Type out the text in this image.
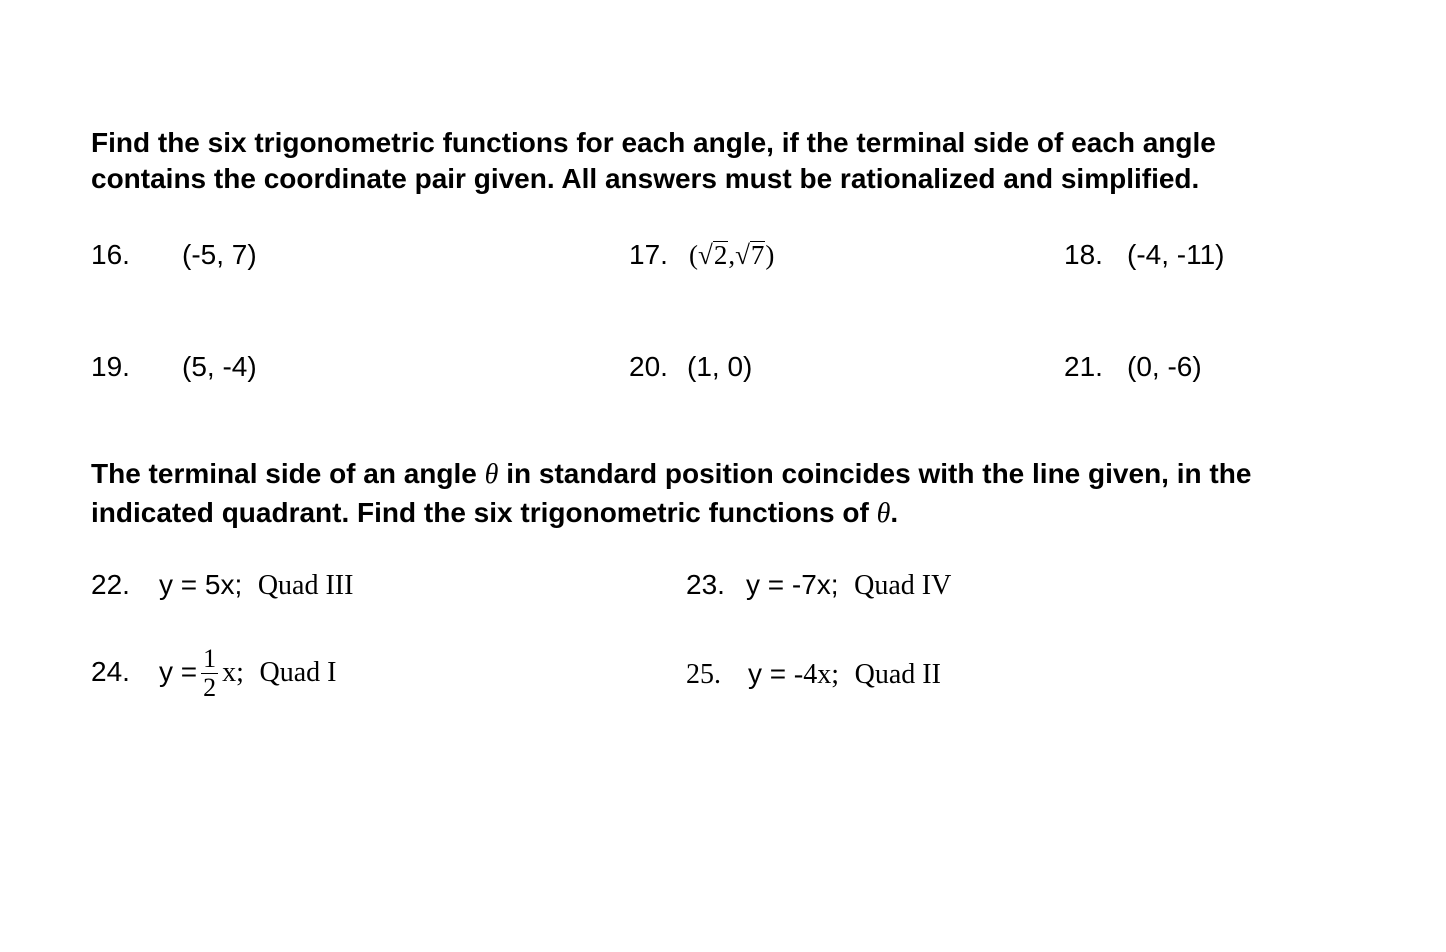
Find the six trigonometric functions for each angle, if the terminal side of each angle
contains the coordinate pair given. All answers must be rationalized and simplified.
16. (-5, 7)	17. (√2,√7)	18. (-4, -11)
19. (5, -4)	20. (1, 0)	21. (0, -6)
The terminal side of an angle θ in standard position coincides with the line given, in the
indicated quadrant. Find the six trigonometric functions of θ.
22. y = 5x; Quad III	23. y = -7x; Quad IV
24. $y = \frac{1}{2} x$; Quad I	25. y = -4x; Quad II
